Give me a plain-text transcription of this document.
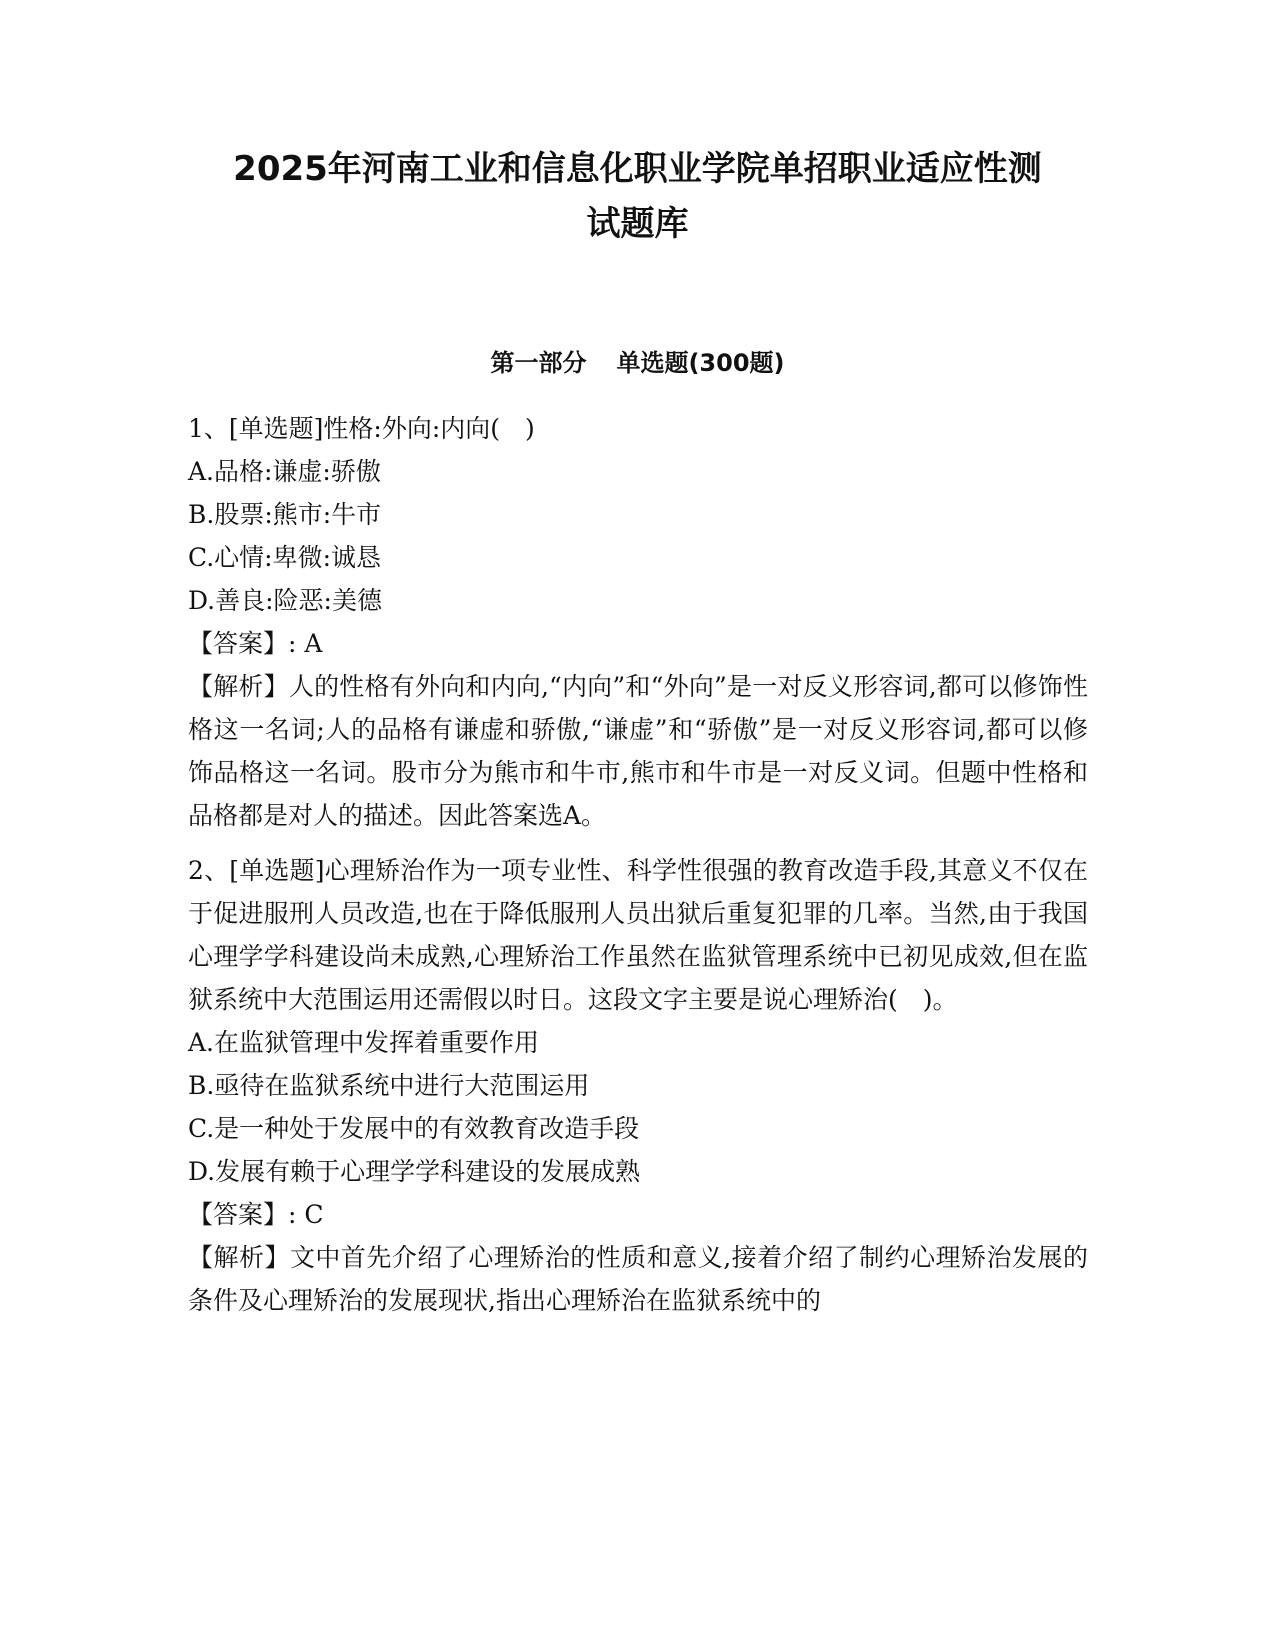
2025年河南工业和信息化职业学院单招职业适应性测
试题库
第一部分 单选题(300题)

1、[单选题]性格:外向:内向(　)

A.品格:谦虚:骄傲

B.股票:熊市:牛市

C.心情:卑微:诚恳

D.善良:险恶:美德

【答案】: A

【解析】人的性格有外向和内向,“内向”和“外向”是一对反义形容词,都可以修饰性格这一名词;人的品格有谦虚和骄傲,“谦虚”和“骄傲”是一对反义形容词,都可以修饰品格这一名词。股市分为熊市和牛市,熊市和牛市是一对反义词。但题中性格和品格都是对人的描述。因此答案选A。

2、[单选题]心理矫治作为一项专业性、科学性很强的教育改造手段,其意义不仅在于促进服刑人员改造,也在于降低服刑人员出狱后重复犯罪的几率。当然,由于我国心理学学科建设尚未成熟,心理矫治工作虽然在监狱管理系统中已初见成效,但在监狱系统中大范围运用还需假以时日。这段文字主要是说心理矫治(　)。

A.在监狱管理中发挥着重要作用

B.亟待在监狱系统中进行大范围运用

C.是一种处于发展中的有效教育改造手段

D.发展有赖于心理学学科建设的发展成熟

【答案】: C

【解析】文中首先介绍了心理矫治的性质和意义,接着介绍了制约心理矫治发展的条件及心理矫治的发展现状,指出心理矫治在监狱系统中的
